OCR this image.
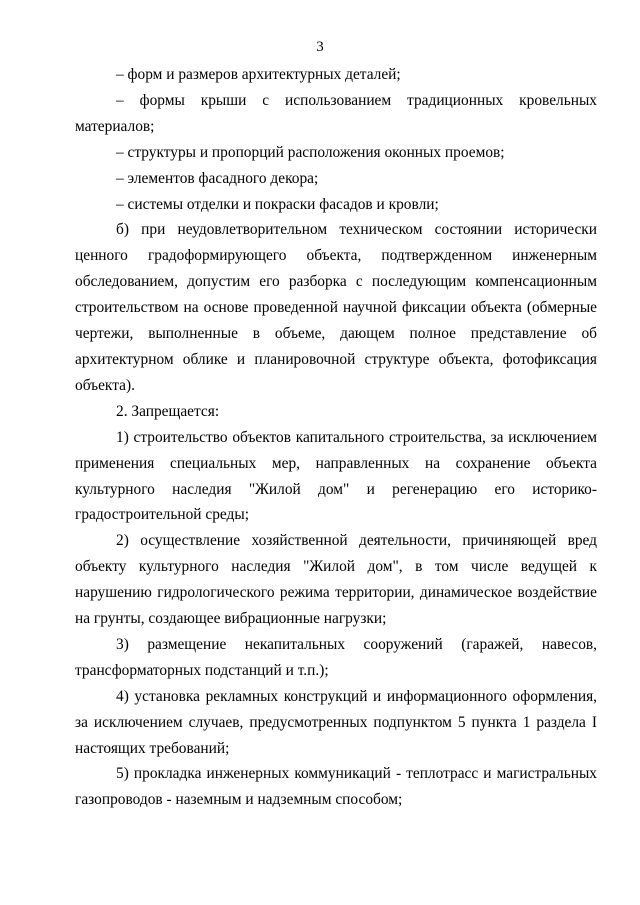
3

– форм и размеров архитектурных деталей;

– формы крыши с использованием традиционных кровельных материалов;

– структуры и пропорций расположения оконных проемов;

– элементов фасадного декора;

– системы отделки и покраски фасадов и кровли;

б) при неудовлетворительном техническом состоянии исторически ценного градоформирующего объекта, подтвержденном инженерным обследованием, допустим его разборка с последующим компенсационным строительством на основе проведенной научной фиксации объекта (обмерные чертежи, выполненные в объеме, дающем полное представление об архитектурном облике и планировочной структуре объекта, фотофиксация объекта).

2. Запрещается:

1) строительство объектов капитального строительства, за исключением применения специальных мер, направленных на сохранение объекта культурного наследия "Жилой дом" и регенерацию его историко-градостроительной среды;

2) осуществление хозяйственной деятельности, причиняющей вред объекту культурного наследия "Жилой дом", в том числе ведущей к нарушению гидрологического режима территории, динамическое воздействие на грунты, создающее вибрационные нагрузки;

3) размещение некапитальных сооружений (гаражей, навесов, трансформаторных подстанций и т.п.);

4) установка рекламных конструкций и информационного оформления, за исключением случаев, предусмотренных подпунктом 5 пункта 1 раздела I настоящих требований;

5) прокладка инженерных коммуникаций - теплотрасс и магистральных газопроводов - наземным и надземным способом;
